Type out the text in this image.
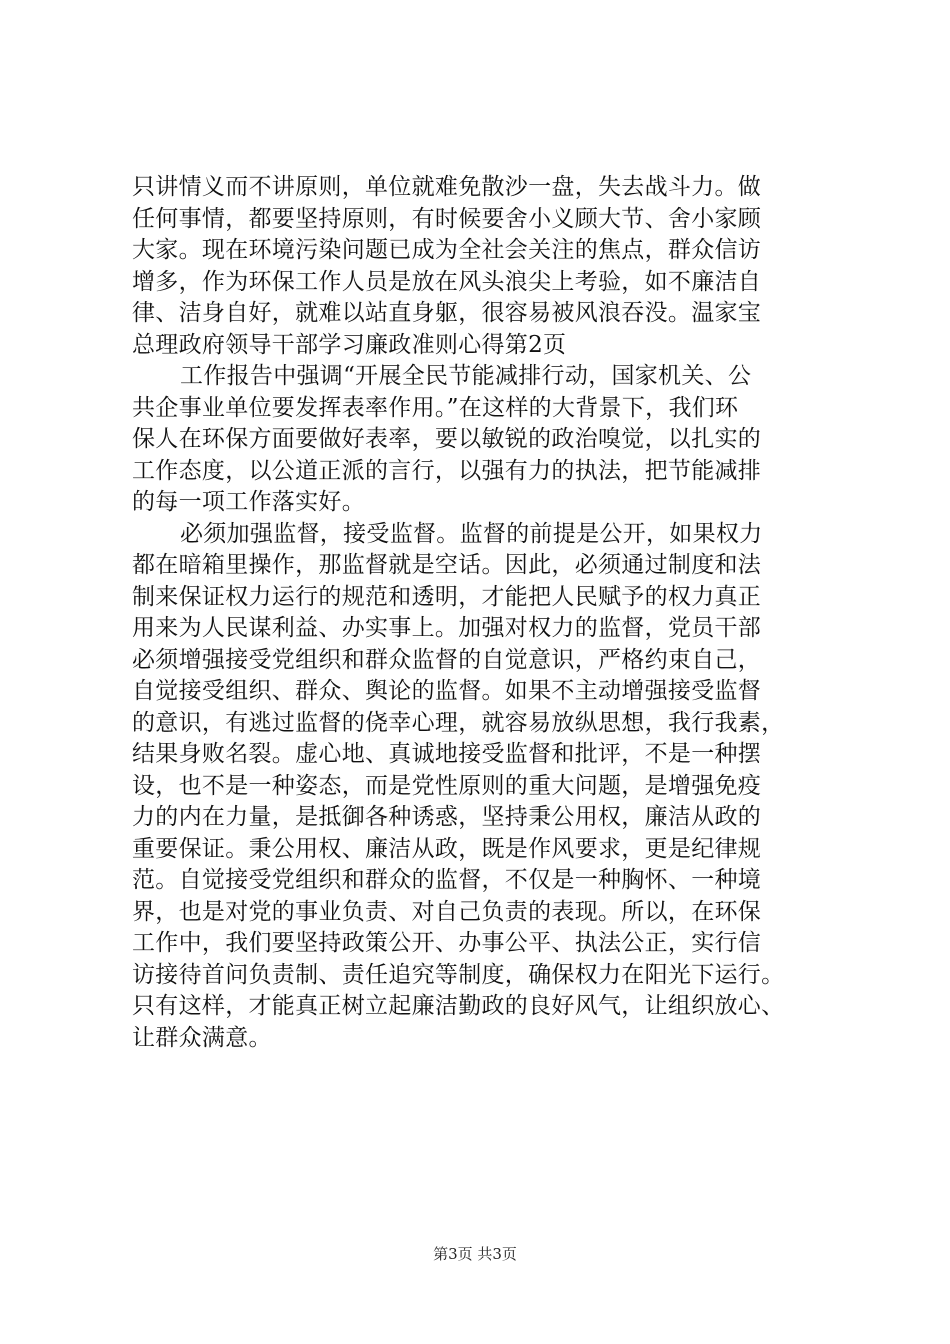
只讲情义而不讲原则，单位就难免散沙一盘，失去战斗力。做
任何事情，都要坚持原则，有时候要舍小义顾大节、舍小家顾
大家。现在环境污染问题已成为全社会关注的焦点，群众信访
增多，作为环保工作人员是放在风头浪尖上考验，如不廉洁自
律、洁身自好，就难以站直身躯，很容易被风浪吞没。温家宝
总理政府领导干部学习廉政准则心得第2页
工作报告中强调“开展全民节能减排行动，国家机关、公
共企事业单位要发挥表率作用。”在这样的大背景下，我们环
保人在环保方面要做好表率，要以敏锐的政治嗅觉，以扎实的
工作态度，以公道正派的言行，以强有力的执法，把节能减排
的每一项工作落实好。
必须加强监督，接受监督。监督的前提是公开，如果权力
都在暗箱里操作，那监督就是空话。因此，必须通过制度和法
制来保证权力运行的规范和透明，才能把人民赋予的权力真正
用来为人民谋利益、办实事上。加强对权力的监督，党员干部
必须增强接受党组织和群众监督的自觉意识，严格约束自己，
自觉接受组织、群众、舆论的监督。如果不主动增强接受监督
的意识，有逃过监督的侥幸心理，就容易放纵思想，我行我素，
结果身败名裂。虚心地、真诚地接受监督和批评，不是一种摆
设，也不是一种姿态，而是党性原则的重大问题，是增强免疫
力的内在力量，是抵御各种诱惑，坚持秉公用权，廉洁从政的
重要保证。秉公用权、廉洁从政，既是作风要求，更是纪律规
范。自觉接受党组织和群众的监督，不仅是一种胸怀、一种境
界，也是对党的事业负责、对自己负责的表现。所以，在环保
工作中，我们要坚持政策公开、办事公平、执法公正，实行信
访接待首问负责制、责任追究等制度，确保权力在阳光下运行。
只有这样，才能真正树立起廉洁勤政的良好风气，让组织放心、
让群众满意。
第3页 共3页
